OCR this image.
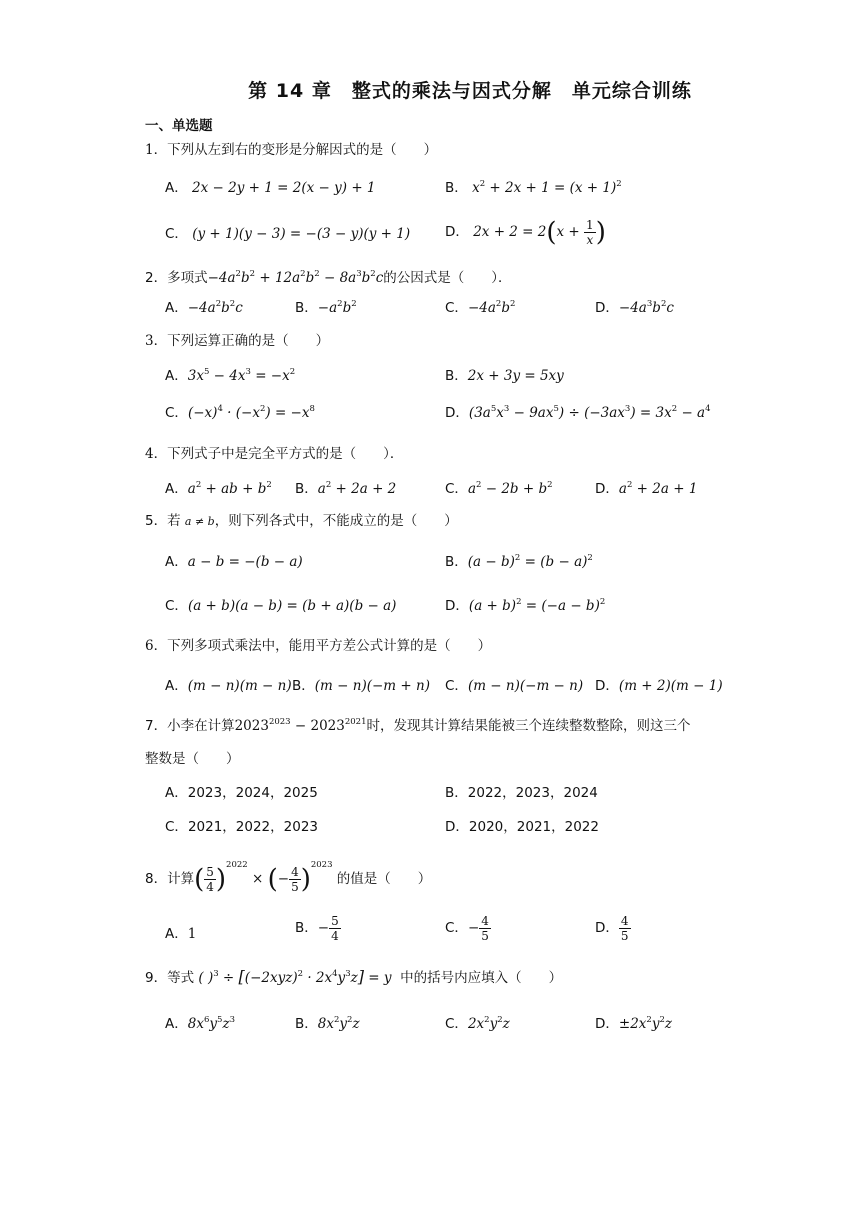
第 14 章　整式的乘法与因式分解　单元综合训练
一、单选题
1．下列从左到右的变形是分解因式的是（　　）
A． 2x − 2y + 1 = 2(x − y) + 1	B． $x^2 + 2x + 1 = (x + 1)^2$
C． (y + 1)(y − 3) = −(3 − y)(y + 1)	D． $2x + 2 = 2(x + \frac{1}{x}$ )
2．多项式$-4a^2b^2 + 12a^2b^2 - 8a^3b^2c$的公因式是（　　）．
A．$-4a^2b^2c$	B．$-a^2b^2$	C．$-4a^2b^2$	D．$-4a^3b^2c$
3．下列运算正确的是（　　）
A．$3x^5 - 4x^3 = -x^2$	B．2x + 3y = 5xy
C．$(-x)^4 \cdot (-x^2) = -x^8$	D．$(3a^5x^3 - 9ax^5) \div (-3ax^3) = 3x^2 - a^4$
4．下列式子中是完全平方式的是（　　）．
A．$a^2$ + ab + $b^2$ B．$a^2 + 2a + 2$	C．$a^2 - 2b + b^2$	D．$a^2 + 2a + 1$
5．若 a ≠ b，则下列各式中，不能成立的是（　　）
A．a − b = −(b − a)	B．$(a - b)^2 = (b - a)^2$
C．(a + b)(a − b) = (b + a)(b − a)	D．$(a + b)^2 = (-a - b)^2$
6．下列多项式乘法中，能用平方差公式计算的是（　　）
A．(m − n)(m − n) B．(m − n)(−m + n) C．(m − n)(−m − n) D．(m + 2)(m − 1)
7．小李在计算$2023^{2023} - 2023^{2021}$时，发现其计算结果能被三个连续整数整除，则这三个
整数是（　　）
A．2023，2024，2025	B．2022，2023，2024
C．2021，2022，2023	D．2020，2021，2022
8．计算( $\frac{5}{4} )^{2022}$ × (− $\frac{4}{5} )^{2023}$ 的值是（　　）
A．1	B．− $\frac{5}{4}$	C．− $\frac{4}{5}$	D． $\frac{4}{5}$
9．等式 ( )$^3 \div [(-2xyz)^2 \cdot 2x^4y^3z] = y$ 中的括号内应填入（　　）
A．$8x^6y^5z^3$	B．$8x^2y^2z$	C．$2x^2y^2z$	D．$\pm 2x^2y^2z$
